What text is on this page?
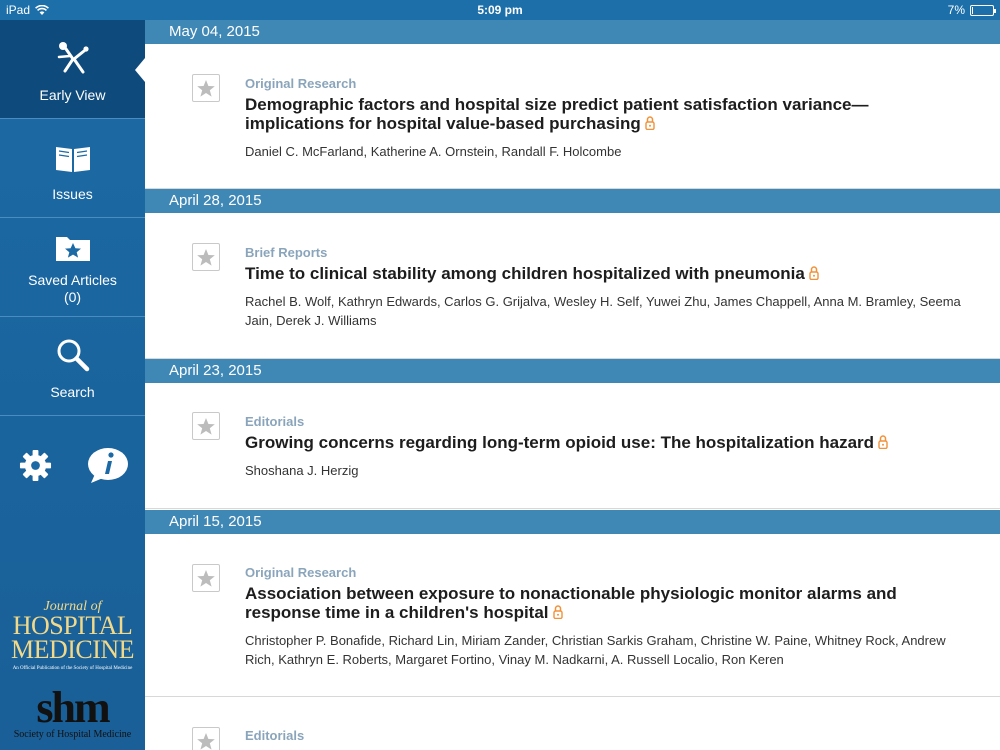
iPad	5:09 pm	7%
Early View
Issues
Saved Articles
(0)
Search
Journal of
HOSPITAL
MEDICINE
An Official Publication of the Society of Hospital Medicine
shm
Society of Hospital Medicine
May 04, 2015
Original Research
Demographic factors and hospital size predict patient satisfaction variance—implications for hospital value-based purchasing
Daniel C. McFarland, Katherine A. Ornstein, Randall F. Holcombe
April 28, 2015
Brief Reports
Time to clinical stability among children hospitalized with pneumonia
Rachel B. Wolf, Kathryn Edwards, Carlos G. Grijalva, Wesley H. Self, Yuwei Zhu, James Chappell, Anna M. Bramley, Seema Jain, Derek J. Williams
April 23, 2015
Editorials
Growing concerns regarding long-term opioid use: The hospitalization hazard
Shoshana J. Herzig
April 15, 2015
Original Research
Association between exposure to nonactionable physiologic monitor alarms and response time in a children's hospital
Christopher P. Bonafide, Richard Lin, Miriam Zander, Christian Sarkis Graham, Christine W. Paine, Whitney Rock, Andrew Rich, Kathryn E. Roberts, Margaret Fortino, Vinay M. Nadkarni, A. Russell Localio, Ron Keren
Editorials
